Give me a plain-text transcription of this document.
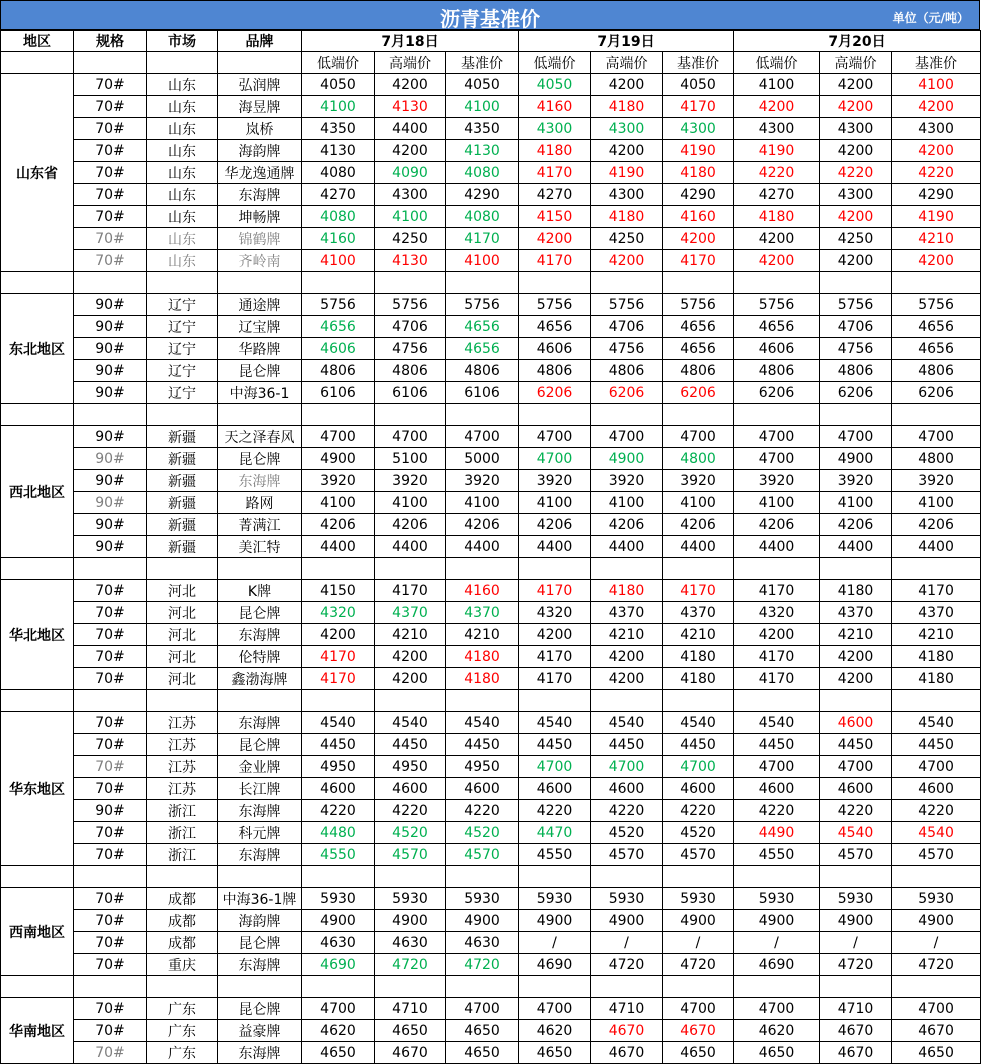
沥青基准价	单位（元/吨）
地区	规格	市场	品牌	7月18日			7月19日			7月20日		
				低端价	高端价	基准价	低端价	高端价	基准价	低端价	高端价	基准价
山东省	70#	山东	弘润牌	4050	4200	4050	4050	4200	4050	4100	4200	4100
	70#	山东	海昱牌	4100	4130	4100	4160	4180	4170	4200	4200	4200
	70#	山东	岚桥	4350	4400	4350	4300	4300	4300	4300	4300	4300
	70#	山东	海韵牌	4130	4200	4130	4180	4200	4190	4190	4200	4200
	70#	山东	华龙逸通牌	4080	4090	4080	4170	4190	4180	4220	4220	4220
	70#	山东	东海牌	4270	4300	4290	4270	4300	4290	4270	4300	4290
	70#	山东	坤畅牌	4080	4100	4080	4150	4180	4160	4180	4200	4190
	70#	山东	锦鹤牌	4160	4250	4170	4200	4250	4200	4200	4250	4210
	70#	山东	齐岭南	4100	4130	4100	4170	4200	4170	4200	4200	4200

东北地区	90#	辽宁	通途牌	5756	5756	5756	5756	5756	5756	5756	5756	5756
	90#	辽宁	辽宝牌	4656	4706	4656	4656	4706	4656	4656	4706	4656
	90#	辽宁	华路牌	4606	4756	4656	4606	4756	4656	4606	4756	4656
	90#	辽宁	昆仑牌	4806	4806	4806	4806	4806	4806	4806	4806	4806
	90#	辽宁	中海36-1	6106	6106	6106	6206	6206	6206	6206	6206	6206

西北地区	90#	新疆	天之泽春风	4700	4700	4700	4700	4700	4700	4700	4700	4700
	90#	新疆	昆仑牌	4900	5100	5000	4700	4900	4800	4700	4900	4800
	90#	新疆	东海牌	3920	3920	3920	3920	3920	3920	3920	3920	3920
	90#	新疆	路网	4100	4100	4100	4100	4100	4100	4100	4100	4100
	90#	新疆	菁满江	4206	4206	4206	4206	4206	4206	4206	4206	4206
	90#	新疆	美汇特	4400	4400	4400	4400	4400	4400	4400	4400	4400

华北地区	70#	河北	K牌	4150	4170	4160	4170	4180	4170	4170	4180	4170
	70#	河北	昆仑牌	4320	4370	4370	4320	4370	4370	4320	4370	4370
	70#	河北	东海牌	4200	4210	4210	4200	4210	4210	4200	4210	4210
	70#	河北	伦特牌	4170	4200	4180	4170	4200	4180	4170	4200	4180
	70#	河北	鑫渤海牌	4170	4200	4180	4170	4200	4180	4170	4200	4180

华东地区	70#	江苏	东海牌	4540	4540	4540	4540	4540	4540	4540	4600	4540
	70#	江苏	昆仑牌	4450	4450	4450	4450	4450	4450	4450	4450	4450
	70#	江苏	金业牌	4950	4950	4950	4700	4700	4700	4700	4700	4700
	70#	江苏	长江牌	4600	4600	4600	4600	4600	4600	4600	4600	4600
	90#	浙江	东海牌	4220	4220	4220	4220	4220	4220	4220	4220	4220
	70#	浙江	科元牌	4480	4520	4520	4470	4520	4520	4490	4540	4540
	70#	浙江	东海牌	4550	4570	4570	4550	4570	4570	4550	4570	4570

西南地区	70#	成都	中海36-1牌	5930	5930	5930	5930	5930	5930	5930	5930	5930
	70#	成都	海韵牌	4900	4900	4900	4900	4900	4900	4900	4900	4900
	70#	成都	昆仑牌	4630	4630	4630	/	/	/	/	/	/
	70#	重庆	东海牌	4690	4720	4720	4690	4720	4720	4690	4720	4720

华南地区	70#	广东	昆仑牌	4700	4710	4700	4700	4710	4700	4700	4710	4700
	70#	广东	益豪牌	4620	4650	4650	4620	4670	4670	4620	4670	4670
	70#	广东	东海牌	4650	4670	4650	4650	4670	4650	4650	4670	4650
